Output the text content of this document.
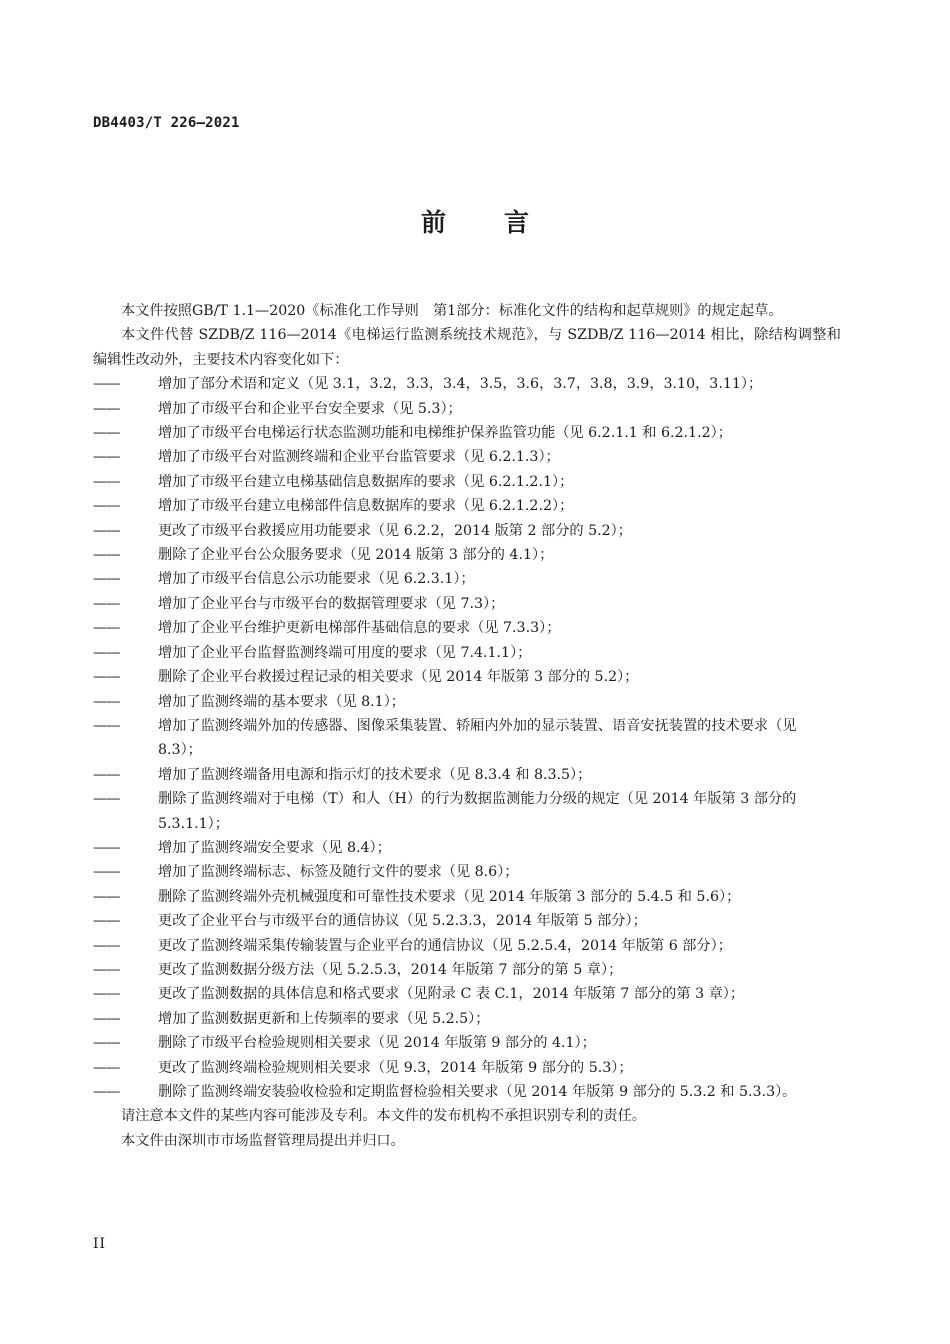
DB4403/T 226—2021
前言

本文件按照GB/T 1.1—2020《标准化工作导则　第1部分：标准化文件的结构和起草规则》的规定起草。

本文件代替 SZDB/Z 116—2014《电梯运行监测系统技术规范》，与 SZDB/Z 116—2014 相比，除结构调整和编辑性改动外，主要技术内容变化如下：

——	增加了部分术语和定义（见 3.1，3.2，3.3，3.4，3.5，3.6，3.7，3.8，3.9，3.10，3.11）；

——	增加了市级平台和企业平台安全要求（见 5.3）；

——	增加了市级平台电梯运行状态监测功能和电梯维护保养监管功能（见 6.2.1.1 和 6.2.1.2）；

——	增加了市级平台对监测终端和企业平台监管要求（见 6.2.1.3）；

——	增加了市级平台建立电梯基础信息数据库的要求（见 6.2.1.2.1）；

——	增加了市级平台建立电梯部件信息数据库的要求（见 6.2.1.2.2）；

——	更改了市级平台救援应用功能要求（见 6.2.2，2014 版第 2 部分的 5.2）；

——	删除了企业平台公众服务要求（见 2014 版第 3 部分的 4.1）；

——	增加了市级平台信息公示功能要求（见 6.2.3.1）；

——	增加了企业平台与市级平台的数据管理要求（见 7.3）；

——	增加了企业平台维护更新电梯部件基础信息的要求（见 7.3.3）；

——	增加了企业平台监督监测终端可用度的要求（见 7.4.1.1）；

——	删除了企业平台救援过程记录的相关要求（见 2014 年版第 3 部分的 5.2）；

——	增加了监测终端的基本要求（见 8.1）；

——	增加了监测终端外加的传感器、图像采集装置、轿厢内外加的显示装置、语音安抚装置的技术要求（见 8.3）；

——	增加了监测终端备用电源和指示灯的技术要求（见 8.3.4 和 8.3.5）；

——	删除了监测终端对于电梯（T）和人（H）的行为数据监测能力分级的规定（见 2014 年版第 3 部分的 5.3.1.1）；

——	增加了监测终端安全要求（见 8.4）；

——	增加了监测终端标志、标签及随行文件的要求（见 8.6）；

——	删除了监测终端外壳机械强度和可靠性技术要求（见 2014 年版第 3 部分的 5.4.5 和 5.6）；

——	更改了企业平台与市级平台的通信协议（见 5.2.3.3，2014 年版第 5 部分）；

——	更改了监测终端采集传输装置与企业平台的通信协议（见 5.2.5.4，2014 年版第 6 部分）；

——	更改了监测数据分级方法（见 5.2.5.3，2014 年版第 7 部分的第 5 章）；

——	更改了监测数据的具体信息和格式要求（见附录 C 表 C.1，2014 年版第 7 部分的第 3 章）；

——	增加了监测数据更新和上传频率的要求（见 5.2.5）；

——	删除了市级平台检验规则相关要求（见 2014 年版第 9 部分的 4.1）；

——	更改了监测终端检验规则相关要求（见 9.3，2014 年版第 9 部分的 5.3）；

——	删除了监测终端安装验收检验和定期监督检验相关要求（见 2014 年版第 9 部分的 5.3.2 和 5.3.3）。

请注意本文件的某些内容可能涉及专利。本文件的发布机构不承担识别专利的责任。

本文件由深圳市市场监督管理局提出并归口。

II
